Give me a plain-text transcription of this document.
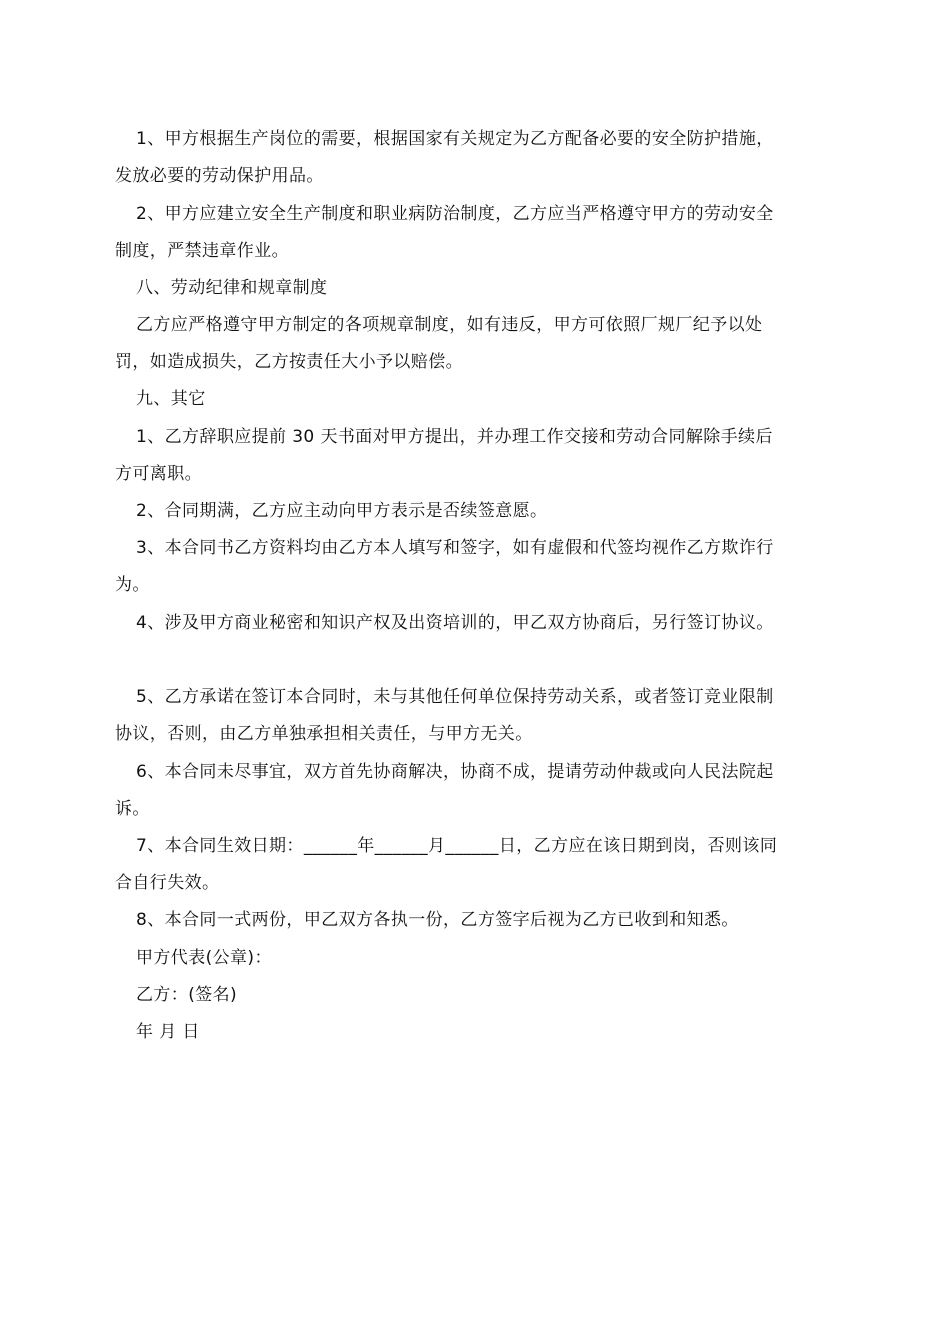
1、甲方根据生产岗位的需要，根据国家有关规定为乙方配备必要的安全防护措施，
发放必要的劳动保护用品。
2、甲方应建立安全生产制度和职业病防治制度，乙方应当严格遵守甲方的劳动安全
制度，严禁违章作业。
八、劳动纪律和规章制度
乙方应严格遵守甲方制定的各项规章制度，如有违反，甲方可依照厂规厂纪予以处
罚，如造成损失，乙方按责任大小予以赔偿。
九、其它
1、乙方辞职应提前 30 天书面对甲方提出，并办理工作交接和劳动合同解除手续后
方可离职。
2、合同期满，乙方应主动向甲方表示是否续签意愿。
3、本合同书乙方资料均由乙方本人填写和签字，如有虚假和代签均视作乙方欺诈行
为。
4、涉及甲方商业秘密和知识产权及出资培训的，甲乙双方协商后，另行签订协议。
5、乙方承诺在签订本合同时，未与其他任何单位保持劳动关系，或者签订竞业限制
协议，否则，由乙方单独承担相关责任，与甲方无关。
6、本合同未尽事宜，双方首先协商解决，协商不成，提请劳动仲裁或向人民法院起
诉。
7、本合同生效日期：______年______月______日，乙方应在该日期到岗，否则该同
合自行失效。
8、本合同一式两份，甲乙双方各执一份，乙方签字后视为乙方已收到和知悉。
甲方代表(公章)：
乙方：(签名)
年 月 日
